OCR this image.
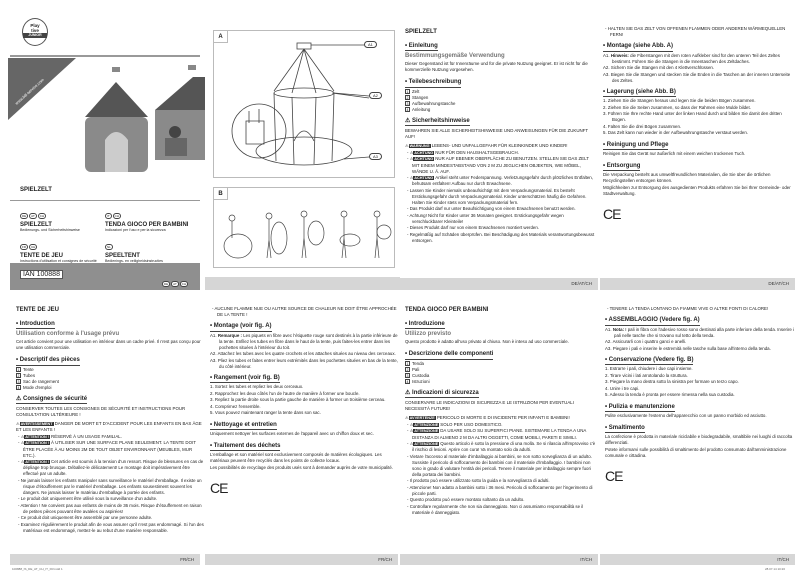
Play
tive
JUNIOR
www.lidl-service.com
SPIELZELT
DE AT CH
SPIELZELT
Bedienungs- und Sicherheitshinweise
IT CH
TENDA GIOCO PER BAMBINI
Indicazioni per l'uso e per la sicurezza
FR CH
TENTE DE JEU
Instructions d'utilisation et consignes de sécurité
NL
SPEELTENT
Bedienings- en veiligheidsinstructies
IAN 100888
DE AT CH
A
A1
A2
A3
B
SPIELZELT
• Einleitung
Bestimmungsgemäße Verwendung
Dieser Gegenstand ist für Innenräume und für die private Nutzung geeignet. Er ist nicht für die kommerzielle Nutzung vorgesehen.
• Teilebeschreibung
1 Zelt
2 Stangen
3 Aufbewahrungstasche
4 Anleitung
⚠ Sicherheitshinweise
BEWAHREN SIE ALLE SICHERHEITSHINWEISE UND ANWEISUNGEN FÜR DIE ZUKUNFT AUF!
⚠WARNUNG LEBENS- UND UNFALLGEFAHR FÜR KLEINKINDER UND KINDER!
- ⚠ACHTUNG NUR FÜR DEN HAUSHALTSGEBRAUCH.
- ⚠ACHTUNG NUR AUF EBENER OBERFLÄCHE ZU BENUTZEN. STELLEN SIE DAS ZELT MIT EINEM MINDESTABSTAND VON 2 M ZU JEGLICHEN OBJEKTEN, WIE MÖBEL, WÄNDE U. Ä. AUF.
- ⚠ACHTUNG Artikel steht unter Federspannung. Verletzungsgefahr durch plötzliches Entfalten, behutsam entfalten! Aufbau nur durch Erwachsene.
- Lassen Sie Kinder niemals unbeaufsichtigt mit dem Verpackungsmaterial. Es besteht Erstickungsgefahr durch Verpackungsmaterial. Kinder unterschätzen häufig die Gefahren. Halten Sie Kinder stets vom Verpackungsmaterial fern.
- Das Produkt darf nur unter Beaufsichtigung von einem Erwachsenen benutzt werden.
- Achtung! Nicht für Kinder unter 36 Monaten geeignet. Erstickungsgefahr wegen verschluckbarer Kleinteile!
- Dieses Produkt darf nur von einem Erwachsenen montiert werden.
- Regelmäßig auf Schäden überprüfen. Bei Beschädigung des Materials verantwortungsbewusst entsorgen.
- HALTEN SIE DAS ZELT VON OFFENEN FLAMMEN ODER ANDEREN WÄRMEQUELLEN FERN!
• Montage (siehe Abb. A)
A1. Hinweis: die Fiberstangen mit dem roten Aufkleber sind für den unteren Teil des Zeltes bestimmt. Führen Sie die Stangen in die Innentaschen des Zeltdaches.
A2. Sichern Sie die Stangen mit den 4 Klettverschlüssen.
A3. Biegen Sie die Stangen und stecken Sie die Enden in die Taschen an der inneren Unterseite des Zeltes.
• Lagerung (siehe Abb. B)
1. Ziehen Sie die Stangen heraus und legen Sie die beiden Bögen zusammen.
2. Ziehen Sie die Seiten zusammen, so dass der Rahmen eine Mulde bildet.
3. Führen Sie Ihre rechte Hand unter der linken Hand durch und bilden Sie damit den dritten Bogen.
4. Falten Sie die drei Bögen zusammen.
5. Das Zelt kann nun wieder in der Aufbewahrungstasche verstaut werden.
• Reinigung und Pflege
Reinigen Sie das Gerät nur äußerlich mit einem weichen trockenen Tuch.
• Entsorgung
Die Verpackung besteht aus umweltfreundlichen Materialien, die Sie über die örtlichen Recyclingstellen entsorgen können.
Möglichkeiten zur Entsorgung des ausgedienten Produkts erfahren Sie bei Ihrer Gemeinde- oder Stadtverwaltung.
CE
TENTE DE JEU
• Introduction
Utilisation conforme à l'usage prévu
Cet article convient pour une utilisation en intérieur dans un cadre privé. Il n'est pas conçu pour une utilisation commerciale.
• Descriptif des pièces
1 Tente
2 Tubes
3 Sac de rangement
4 Mode d'emploi
⚠ Consignes de sécurité
CONSERVER TOUTES LES CONSIGNES DE SÉCURITÉ ET INSTRUCTIONS POUR CONSULTATION ULTÉRIEURE !
⚠AVERTISSEMENT DANGER DE MORT ET D'ACCIDENT POUR LES ENFANTS EN BAS ÂGE ET LES ENFANTS !
- ⚠ATTENTION ! RÉSERVÉ À UN USAGE FAMILIAL.
- ⚠ATTENTION ! À UTILISER SUR UNE SURFACE PLANE SEULEMENT. LA TENTE DOIT ÊTRE PLACÉE À AU MOINS 2M DE TOUT OBJET ENVIRONNANT (MEUBLES, MUR ETC.).
- ⚠ATTENTION ! Cet article est soumis à la tension d'un ressort. Risque de blessures en cas de dépliage trop brusque. Déballez-le délicatement! Le montage doit impérativement être effectué par un adulte.
- Ne jamais laisser les enfants manipuler sans surveillance le matériel d'emballage. Il existe un risque d'étouffement par le matériel d'emballage. Les enfants sousestiment souvent les dangers. Ne jamais laisser le matériau d'emballage à portée des enfants.
- Le produit doit uniquement être utilisé sous la surveillance d'un adulte.
- Attention ! Ne convient pas aux enfants de moins de 36 mois. Risque d'étouffement en raison de petites pièces pouvant être avalées ou aspirées!
- Ce produit doit uniquement être assemblé par une personne adulte.
- Examinez régulièrement le produit afin de vous assurer qu'il n'est pas endommagé. Si l'un des matériaux est endommagé, mettez-le au rebut d'une manière responsable.
- AUCUNE FLAMME NUE OU AUTRE SOURCE DE CHALEUR NE DOIT ÊTRE APPROCHÉE DE LA TENTE !
• Montage (voir fig. A)
A1. Remarque : Les piquets en fibre avec l'étiquette rouge sont destinés à la partie inférieure de la tente. Enfilez les tubes en fibre dans le haut de la tente, puis faites-les entrer dans les pochettes situées à l'intérieur du toit.
A2. Attachez les tubes avec les quatre crochets et les attaches situées au niveau des cerceaux.
A3. Pliez les tubes et faites entrer leurs extrémités dans les pochettes situées en bas de la tente, du côté intérieur.
• Rangement (voir fig. B)
1. Sortez les tubes et repliez les deux cerceaux.
2. Rapprochez les deux côtés l'un de l'autre de manière à former une boucle.
3. Repliez la partie droite sous la partie gauche de manière à former un troisième cerceau.
4. Comprimez l'ensemble.
5. Vous pouvez maintenant ranger la tente dans son sac.
• Nettoyage et entretien
Uniquement nettoyer les surfaces externes de l'appareil avec un chiffon doux et sec.
• Traitement des déchets
L'emballage et son matériel sont exclusivement composés de matières écologiques. Les matériaux peuvent être recyclés dans les points de collecte locaux.
Les possibilités de recyclage des produits usés sont à demander auprès de votre municipalité.
CE
TENDA GIOCO PER BAMBINI
• Introduzione
Utilizzo previsto
Questo prodotto è adatto all'uso privato al chiuso. Non è inteso ad uso commerciale.
• Descrizione delle componenti
1 Tenda
2 Pali
3 Custodia
4 Istruzioni
⚠ Indicazioni di sicurezza
CONSERVARE LE INDICAZIONI DI SICUREZZA E LE ISTRUZIONI PER EVENTUALI NECESSITÀ FUTURE!
⚠AVVERTENZE PERICOLO DI MORTE E DI INCIDENTE PER INFANTI E BAMBINI!
- ⚠ATTENZIONE SOLO PER USO DOMESTICO.
- ⚠ATTENZIONE DA USARE SOLO SU SUPERFICI PIANE. SISTEMARE LA TENDA A UNA DISTANZA DI ALMENO 2 M DA ALTRI OGGETTI, COME MOBILI, PARETI E SIMILI.
- ⚠ATTENZIONE Questo articolo è sotto la pressione di una molla. Se si rilascia all'improvviso c'è il rischio di lesioni. Aprire con cura! Va montato solo da adulti.
- Vietare l'accesso al materiale d'imballaggio ai bambini, se non sotto sorveglianza di un adulto. Sussiste il pericolo di soffocamento dei bambini con il materiale d'imballaggio. I bambini non sono in grado di valutare l'entità dei pericoli. Tenere il materiale per imballaggio sempre fuori della portata dei bambini.
- Il prodotto può essere utilizzato sotto la guida e la sorveglianza di adulti.
- Attenzione! Non adatto a bambini sotto i 36 mesi. Pericolo di soffocamento per l'ingerimento di piccole parti.
- Questo prodotto può essere montato soltanto da un adulto.
- Controllare regolarmente che non sia danneggiato. Non ci assumiamo responsabilità se il materiale è danneggiato.
- TENERE LA TENDA LONTANO DA FIAMME VIVE O ALTRE FONTI DI CALORE!
• ASSEMBLAGGIO (Vedere fig. A)
A1. Nota: I pali in fibra con l'adesivo rosso sono destinati alla parte inferiore della tenda. Inserire i pali nelle tasche che si trovano sul tetto della tenda.
A2. Assicurarli con i quattro ganci e anelli.
A3. Piegare i pali e inserire le estremità nelle tasche sulla base all'interno della tenda.
• Conservazione (Vedere fig. B)
1. Estrarre i pali, chiudere i due capi insieme.
2. Tirare vicini i lati arrotolando la struttura.
3. Piegare la mano destra sotto la sinistra per formare un terzo capo.
4. Unire i tre capi.
5. Adesso la tenda è pronta per essere rimessa nella sua custodia.
• Pulizia e manutenzione
Pulite esclusivamente l'esterno dell'apparecchio con un panno morbido ed asciutto.
• Smaltimento
La confezione è prodotta in materiale riciclabile e biodegradabile, smaltibile nei luoghi di raccolta differenziati.
Potete informarvi sulle possibilità di smaltimento del prodotto consumato dall'amministrazione comunale e cittadina.
CE
DE/AT/CH	DE/AT/CH
FR/CH	FR/CH	IT/CH	IT/CH
100888_IS_DE_AT_CH_IT_FR.indd 1	28.07.14 10:20
